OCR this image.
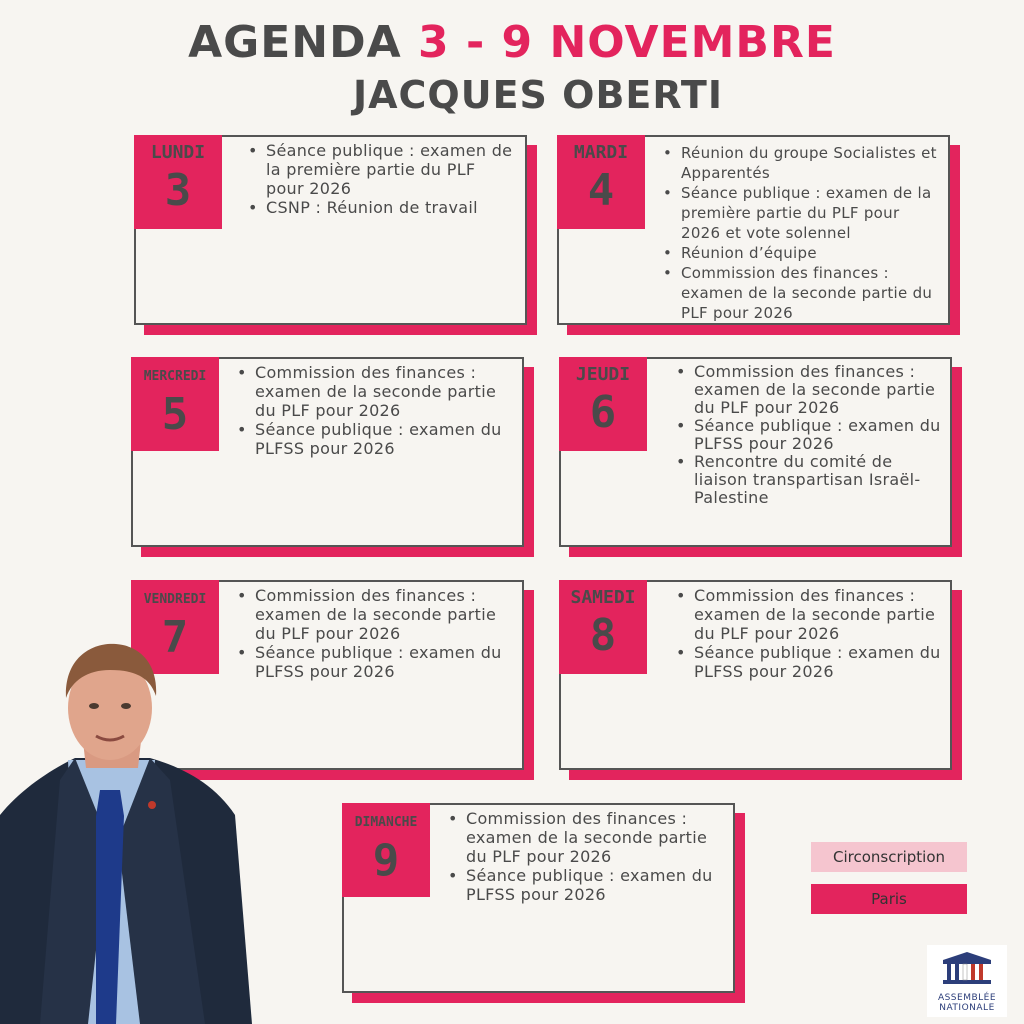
AGENDA 3 - 9 NOVEMBRE
JACQUES OBERTI
LUNDI
3
• Séance publique : examen de la première partie du PLF pour 2026
• CSNP : Réunion de travail
MARDI
4
• Réunion du groupe Socialistes et Apparentés
• Séance publique : examen de la première partie du PLF pour 2026 et vote solennel
• Réunion d’équipe
• Commission des finances : examen de la seconde partie du PLF pour 2026
MERCREDI
5
• Commission des finances : examen de la seconde partie du PLF pour 2026
• Séance publique : examen du PLFSS pour 2026
JEUDI
6
• Commission des finances : examen de la seconde partie du PLF pour 2026
• Séance publique : examen du PLFSS pour 2026
• Rencontre du comité de liaison transpartisan Israël-Palestine
VENDREDI
7
• Commission des finances : examen de la seconde partie du PLF pour 2026
• Séance publique : examen du PLFSS pour 2026
SAMEDI
8
• Commission des finances : examen de la seconde partie du PLF pour 2026
• Séance publique : examen du PLFSS pour 2026
DIMANCHE
9
• Commission des finances : examen de la seconde partie du PLF pour 2026
• Séance publique : examen du PLFSS pour 2026
Circonscription
Paris
ASSEMBLÉE
NATIONALE
